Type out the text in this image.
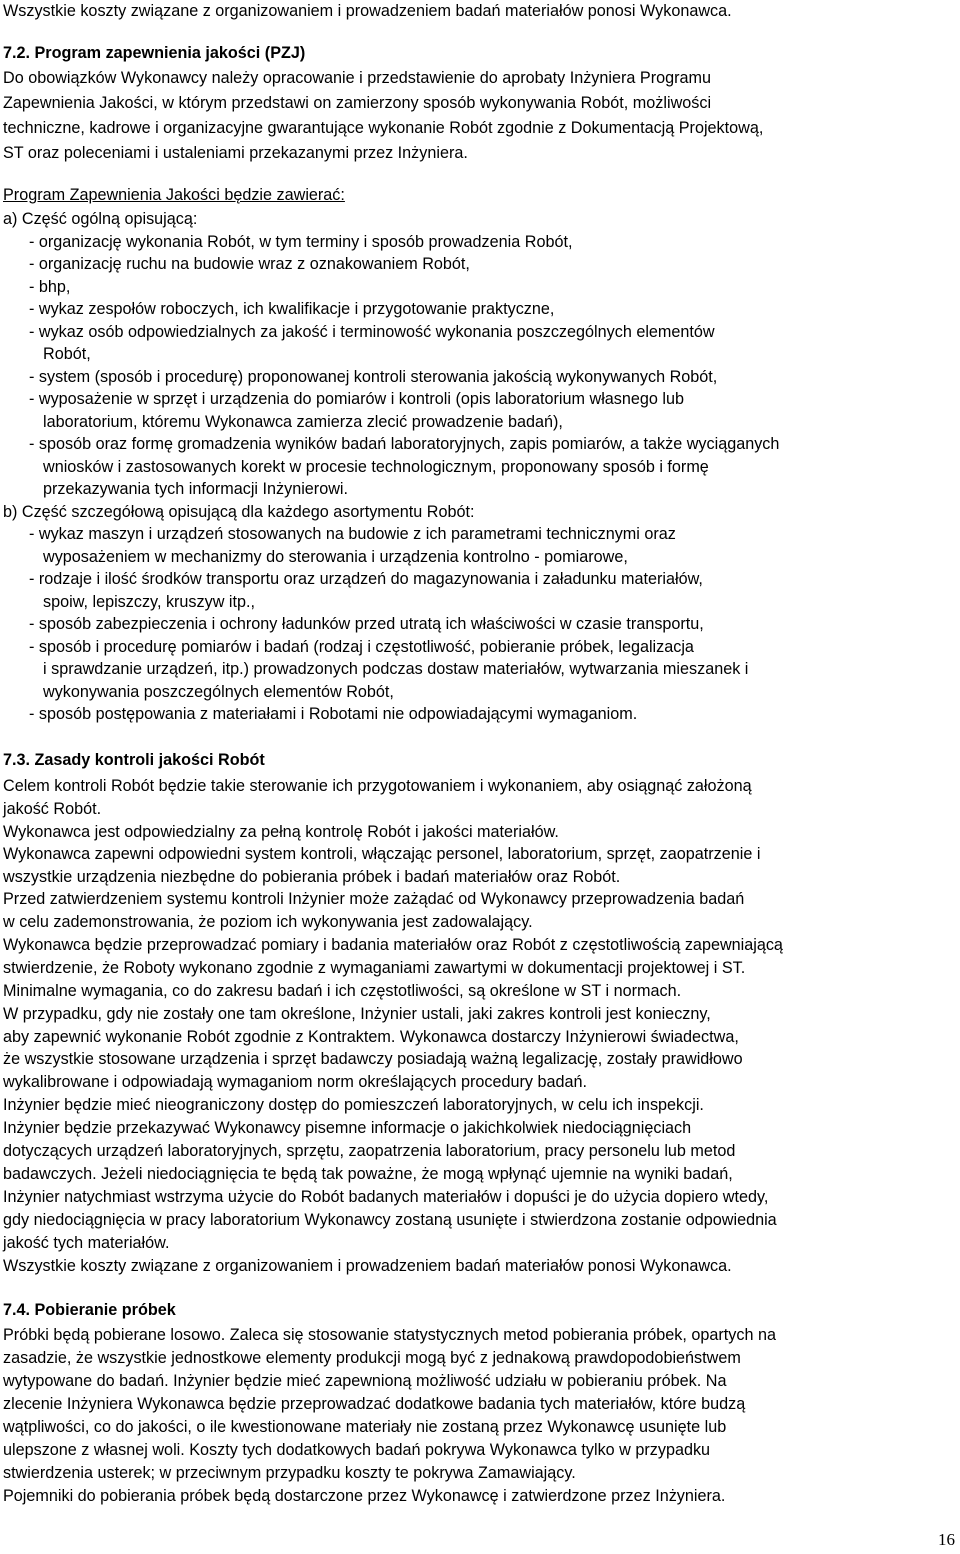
Wszystkie koszty związane z organizowaniem i prowadzeniem badań materiałów ponosi Wykonawca.
7.2. Program zapewnienia jakości (PZJ)
Do obowiązków Wykonawcy należy opracowanie i przedstawienie do aprobaty Inżyniera Programu
Zapewnienia Jakości, w którym przedstawi on zamierzony sposób wykonywania Robót, możliwości
techniczne, kadrowe i organizacyjne gwarantujące wykonanie Robót zgodnie z Dokumentacją Projektową,
ST oraz poleceniami i ustaleniami przekazanymi przez Inżyniera.
Program Zapewnienia Jakości będzie zawierać:
a) Część ogólną opisującą:
- organizację wykonania Robót, w tym terminy i sposób prowadzenia Robót,
- organizację ruchu na budowie wraz z oznakowaniem Robót,
- bhp,
- wykaz zespołów roboczych, ich kwalifikacje i przygotowanie praktyczne,
- wykaz osób odpowiedzialnych za jakość i terminowość wykonania poszczególnych elementów
Robót,
- system (sposób i procedurę) proponowanej kontroli sterowania jakością wykonywanych Robót,
- wyposażenie w sprzęt i urządzenia do pomiarów i kontroli (opis laboratorium własnego lub
laboratorium, któremu Wykonawca zamierza zlecić prowadzenie badań),
- sposób oraz formę gromadzenia wyników badań laboratoryjnych, zapis pomiarów, a także wyciąganych
wniosków i zastosowanych korekt w procesie technologicznym, proponowany sposób i formę
przekazywania tych informacji Inżynierowi.
b) Część szczegółową opisującą dla każdego asortymentu Robót:
- wykaz maszyn i urządzeń stosowanych na budowie z ich parametrami technicznymi oraz
wyposażeniem w mechanizmy do sterowania i urządzenia kontrolno - pomiarowe,
- rodzaje i ilość środków transportu oraz urządzeń do magazynowania i załadunku materiałów,
spoiw, lepiszczy, kruszyw itp.,
- sposób zabezpieczenia i ochrony ładunków przed utratą ich właściwości w czasie transportu,
- sposób i procedurę pomiarów i badań (rodzaj i częstotliwość, pobieranie próbek, legalizacja
i sprawdzanie urządzeń, itp.) prowadzonych podczas dostaw materiałów, wytwarzania mieszanek i
wykonywania poszczególnych elementów Robót,
- sposób postępowania z materiałami i Robotami nie odpowiadającymi wymaganiom.
7.3. Zasady kontroli jakości Robót
Celem kontroli Robót będzie takie sterowanie ich przygotowaniem i wykonaniem, aby osiągnąć założoną
jakość Robót.
Wykonawca jest odpowiedzialny za pełną kontrolę Robót i jakości materiałów.
Wykonawca zapewni odpowiedni system kontroli, włączając personel, laboratorium, sprzęt, zaopatrzenie i
wszystkie urządzenia niezbędne do pobierania próbek i badań materiałów oraz Robót.
Przed zatwierdzeniem systemu kontroli Inżynier może zażądać od Wykonawcy przeprowadzenia badań
w celu zademonstrowania, że poziom ich wykonywania jest zadowalający.
Wykonawca będzie przeprowadzać pomiary i badania materiałów oraz Robót z częstotliwością zapewniającą
stwierdzenie, że Roboty wykonano zgodnie z wymaganiami zawartymi w dokumentacji projektowej i ST.
Minimalne wymagania, co do zakresu badań i ich częstotliwości, są określone w ST i normach.
W przypadku, gdy nie zostały one tam określone, Inżynier ustali, jaki zakres kontroli jest konieczny,
aby zapewnić wykonanie Robót zgodnie z Kontraktem. Wykonawca dostarczy Inżynierowi świadectwa,
że wszystkie stosowane urządzenia i sprzęt badawczy posiadają ważną legalizację, zostały prawidłowo
wykalibrowane i odpowiadają wymaganiom norm określających procedury badań.
Inżynier będzie mieć nieograniczony dostęp do pomieszczeń laboratoryjnych, w celu ich inspekcji.
Inżynier będzie przekazywać Wykonawcy pisemne informacje o jakichkolwiek niedociągnięciach
dotyczących urządzeń laboratoryjnych, sprzętu, zaopatrzenia laboratorium, pracy personelu lub metod
badawczych. Jeżeli niedociągnięcia te będą tak poważne, że mogą wpłynąć ujemnie na wyniki badań,
Inżynier natychmiast wstrzyma użycie do Robót badanych materiałów i dopuści je do użycia dopiero wtedy,
gdy niedociągnięcia w pracy laboratorium Wykonawcy zostaną usunięte i stwierdzona zostanie odpowiednia
jakość tych materiałów.
Wszystkie koszty związane z organizowaniem i prowadzeniem badań materiałów ponosi Wykonawca.
7.4. Pobieranie próbek
Próbki będą pobierane losowo. Zaleca się stosowanie statystycznych metod pobierania próbek, opartych na
zasadzie, że wszystkie jednostkowe elementy produkcji mogą być z jednakową prawdopodobieństwem
wytypowane do badań. Inżynier będzie mieć zapewnioną możliwość udziału w pobieraniu próbek. Na
zlecenie Inżyniera Wykonawca będzie przeprowadzać dodatkowe badania tych materiałów, które budzą
wątpliwości, co do jakości, o ile kwestionowane materiały nie zostaną przez Wykonawcę usunięte lub
ulepszone z własnej woli. Koszty tych dodatkowych badań pokrywa Wykonawca tylko w przypadku
stwierdzenia usterek; w przeciwnym przypadku koszty te pokrywa Zamawiający.
Pojemniki do pobierania próbek będą dostarczone przez Wykonawcę i zatwierdzone przez Inżyniera.
16
